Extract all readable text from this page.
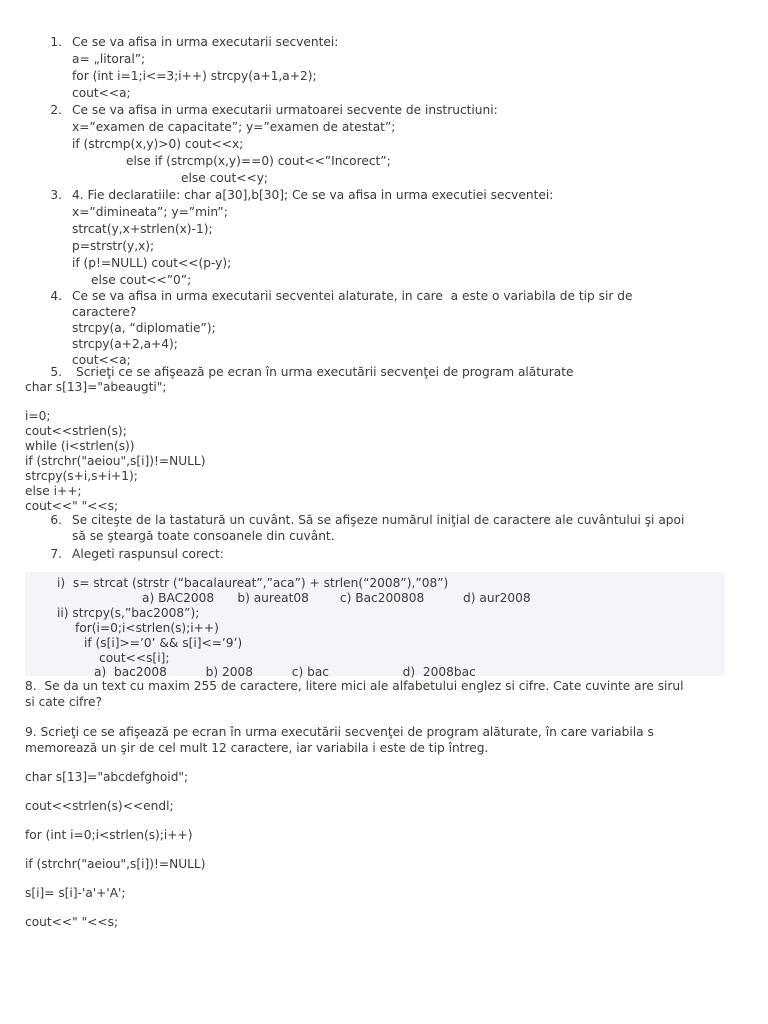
1. Ce se va afisa in urma executarii secventei:
a= „litoral”;
for (int i=1;i<=3;i++) strcpy(a+1,a+2);
cout<<a;
2. Ce se va afisa in urma executarii urmatoarei secvente de instructiuni:
x=”examen de capacitate”; y=”examen de atestat”;
if (strcmp(x,y)>0) cout<<x;
else if (strcmp(x,y)==0) cout<<”Incorect”;
else cout<<y;
3. 4. Fie declaratiile: char a[30],b[30]; Ce se va afisa in urma executiei secventei:
x=”dimineata”; y=”min”;
strcat(y,x+strlen(x)-1);
p=strstr(y,x);
if (p!=NULL) cout<<(p-y);
else cout<<”0”;
4. Ce se va afisa in urma executarii secventei alaturate, in care  a este o variabila de tip sir de
caractere?
strcpy(a, “diplomatie”);
strcpy(a+2,a+4);
cout<<a;
5. Scrieţi ce se afişează pe ecran în urma executării secvenţei de program alăturate
char s[13]="abeaugti";
i=0;
cout<<strlen(s);
while (i<strlen(s))
if (strchr("aeiou",s[i])!=NULL)
strcpy(s+i,s+i+1);
else i++;
cout<<" "<<s;
6. Se citeşte de la tastatură un cuvânt. Să se afişeze numărul iniţial de caractere ale cuvântului şi apoi
să se şteargă toate consoanele din cuvânt.
7. Alegeti raspunsul corect:
i)  s= strcat (strstr (“bacalaureat”,”aca”) + strlen(“2008”),”08”)
a) BAC2008      b) aureat08        c) Bac200808          d) aur2008
ii) strcpy(s,”bac2008”);
for(i=0;i<strlen(s);i++)
if (s[i]>=’0’ && s[i]<=’9’)
cout<<s[i];
a)  bac2008          b) 2008          c) bac                   d)  2008bac
8.  Se da un text cu maxim 255 de caractere, litere mici ale alfabetului englez si cifre. Cate cuvinte are sirul
si cate cifre?
9. Scrieţi ce se afişează pe ecran în urma executării secvenţei de program alăturate, în care variabila s
memorează un şir de cel mult 12 caractere, iar variabila i este de tip întreg.
char s[13]="abcdefghoid";
cout<<strlen(s)<<endl;
for (int i=0;i<strlen(s);i++)
if (strchr("aeiou",s[i])!=NULL)
s[i]= s[i]-'a'+'A';
cout<<" "<<s;
